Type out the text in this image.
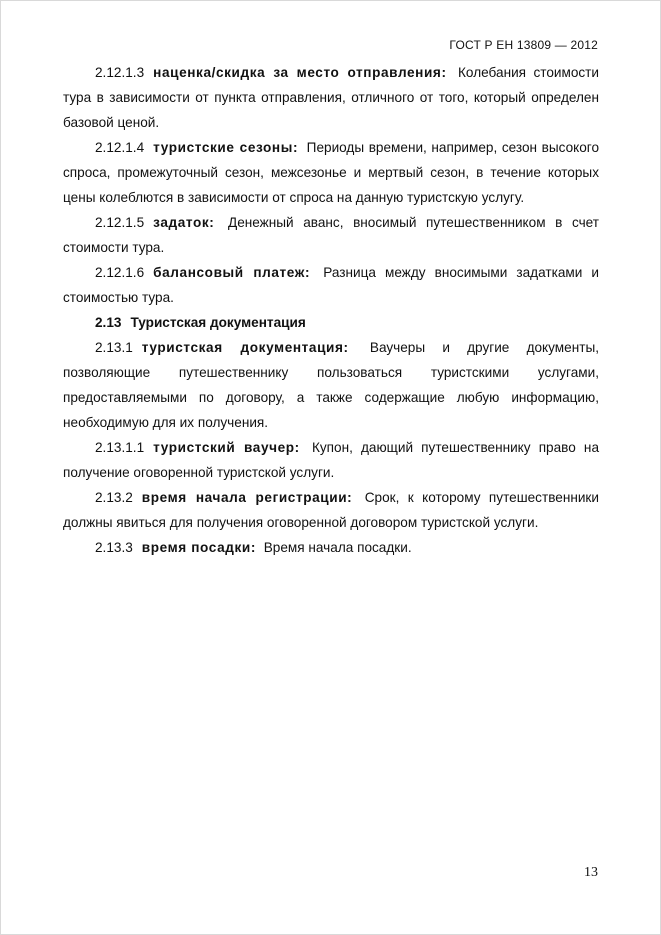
ГОСТ Р ЕН 13809 — 2012

2.12.1.3 наценка/скидка за место отправления: Колебания стоимости тура в зависимости от пункта отправления, отличного от того, который определен базовой ценой.

2.12.1.4 туристские сезоны: Периоды времени, например, сезон высокого спроса, промежуточный сезон, межсезонье и мертвый сезон, в течение которых цены колеблются в зависимости от спроса на данную туристскую услугу.

2.12.1.5 задаток: Денежный аванс, вносимый путешественником в счет стоимости тура.

2.12.1.6 балансовый платеж: Разница между вносимыми задатками и стоимостью тура.

2.13 Туристская документация

2.13.1 туристская документация: Ваучеры и другие документы, позволяющие путешественнику пользоваться туристскими услугами, предоставляемыми по договору, а также содержащие любую информацию, необходимую для их получения.

2.13.1.1 туристский ваучер: Купон, дающий путешественнику право на получение оговоренной туристской услуги.

2.13.2 время начала регистрации: Срок, к которому путешественники должны явиться для получения оговоренной договором туристской услуги.

2.13.3 время посадки: Время начала посадки.

13
